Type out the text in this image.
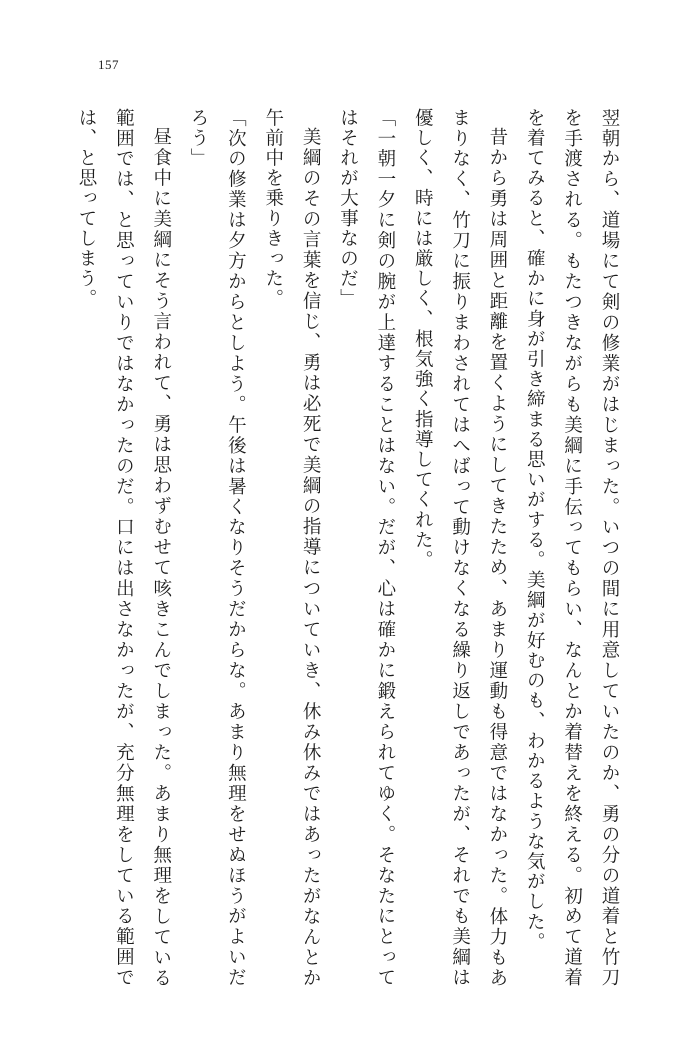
157

翌朝から、道場にて剣の修業がはじまった。いつの間に用意していたのか、勇の分の道着と竹刀を手渡される。もたつきながらも美綱に手伝ってもらい、なんとか着替えを終える。初めて道着を着てみると、確かに身が引き締まる思いがする。美綱が好むのも、わかるような気がした。

昔から勇は周囲と距離を置くようにしてきたため、あまり運動も得意ではなかった。体力もあまりなく、竹刀に振りまわされてはへばって動けなくなる繰り返しであったが、それでも美綱は優しく、時には厳しく、根気強く指導してくれた。

「一朝一夕に剣の腕が上達することはない。だが、心は確かに鍛えられてゆく。そなたにとってはそれが大事なのだ」

美綱のその言葉を信じ、勇は必死で美綱の指導についていき、休み休みではあったがなんとか午前中を乗りきった。

「次の修業は夕方からとしよう。午後は暑くなりそうだからな。あまり無理をせぬほうがよいだろう」

昼食中に美綱にそう言われて、勇は思わずむせて咳きこんでしまった。あまり無理をしている範囲では、と思っていりではなかったのだ。口には出さなかったが、充分無理をしている範囲では、と思ってしまう。
